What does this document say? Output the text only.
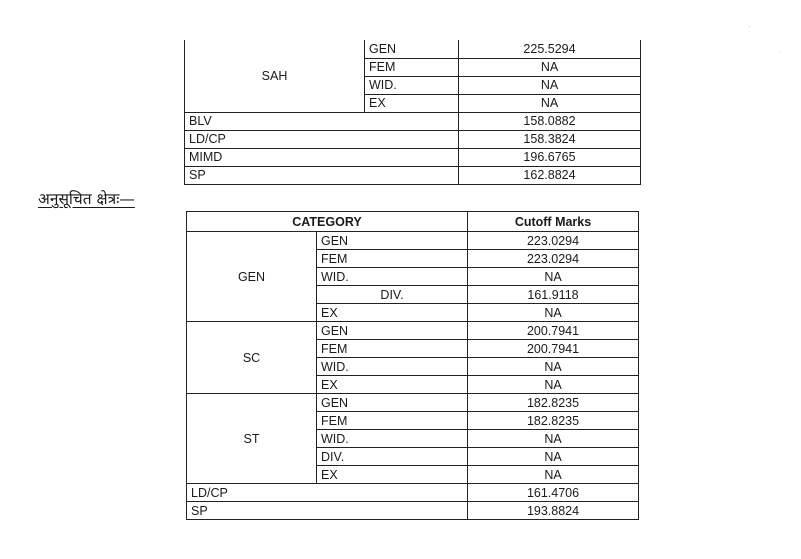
SAH	GEN	225.5294
	FEM	NA
	WID.	NA
	EX	NA
BLV		158.0882
LD/CP		158.3824
MIMD		196.6765
SP		162.8824
अनुसूचित क्षेत्रः—
CATEGORY		Cutoff Marks
GEN	GEN	223.0294
	FEM	223.0294
	WID.	NA
	DIV.	161.9118
	EX	NA
SC	GEN	200.7941
	FEM	200.7941
	WID.	NA
	EX	NA
ST	GEN	182.8235
	FEM	182.8235
	WID.	NA
	DIV.	NA
	EX	NA
LD/CP		161.4706
SP		193.8824
·
·
